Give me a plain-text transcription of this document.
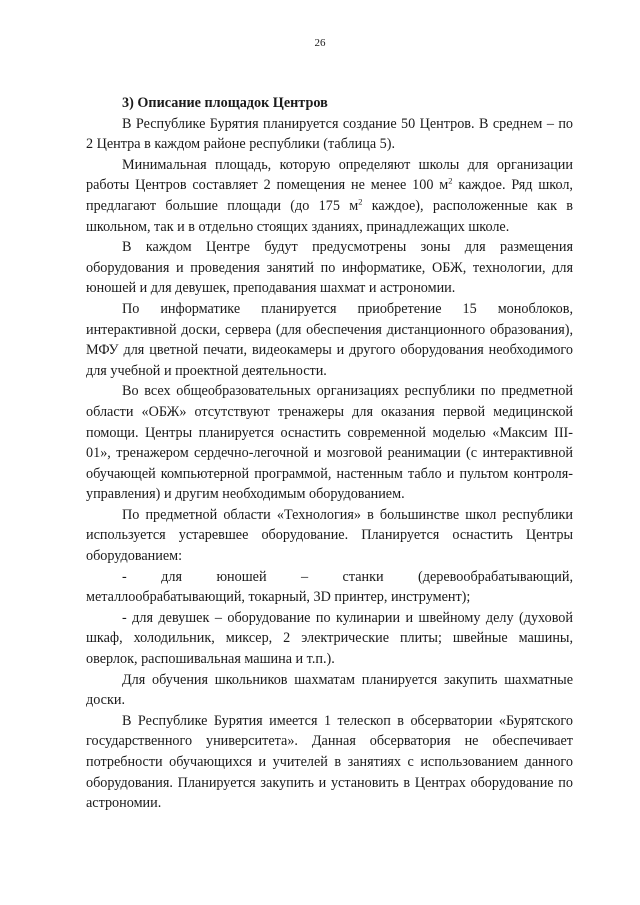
26
3) Описание площадок Центров

В Республике Бурятия планируется создание 50 Центров. В среднем – по 2 Центра в каждом районе республики (таблица 5).

Минимальная площадь, которую определяют школы для организации работы Центров составляет 2 помещения не менее 100 $м^2$ каждое. Ряд школ, предлагают большие площади (до 175 $м^2$ каждое), расположенные как в школьном, так и в отдельно стоящих зданиях, принадлежащих школе.

В каждом Центре будут предусмотрены зоны для размещения оборудования и проведения занятий по информатике, ОБЖ, технологии, для юношей и для девушек, преподавания шахмат и астрономии.

По информатике планируется приобретение 15 моноблоков, интерактивной доски, сервера (для обеспечения дистанционного образования), МФУ для цветной печати, видеокамеры и другого оборудования необходимого для учебной и проектной деятельности.

Во всех общеобразовательных организациях республики по предметной области «ОБЖ» отсутствуют тренажеры для оказания первой медицинской помощи. Центры планируется оснастить современной моделью «Максим III-01», тренажером сердечно-легочной и мозговой реанимации (с интерактивной обучающей компьютерной программой, настенным табло и пультом контроля-управления) и другим необходимым оборудованием.

По предметной области «Технология» в большинстве школ республики используется устаревшее оборудование. Планируется оснастить Центры оборудованием:

- для юношей – станки (деревообрабатывающий, металлообрабатывающий, токарный, 3D принтер, инструмент);

- для девушек – оборудование по кулинарии и швейному делу (духовой шкаф, холодильник, миксер, 2 электрические плиты; швейные машины, оверлок, распошивальная машина и т.п.).

Для обучения школьников шахматам планируется закупить шахматные доски.

В Республике Бурятия имеется 1 телескоп в обсерватории «Бурятского государственного университета». Данная обсерватория не обеспечивает потребности обучающихся и учителей в занятиях с использованием данного оборудования. Планируется закупить и установить в Центрах оборудование по астрономии.
